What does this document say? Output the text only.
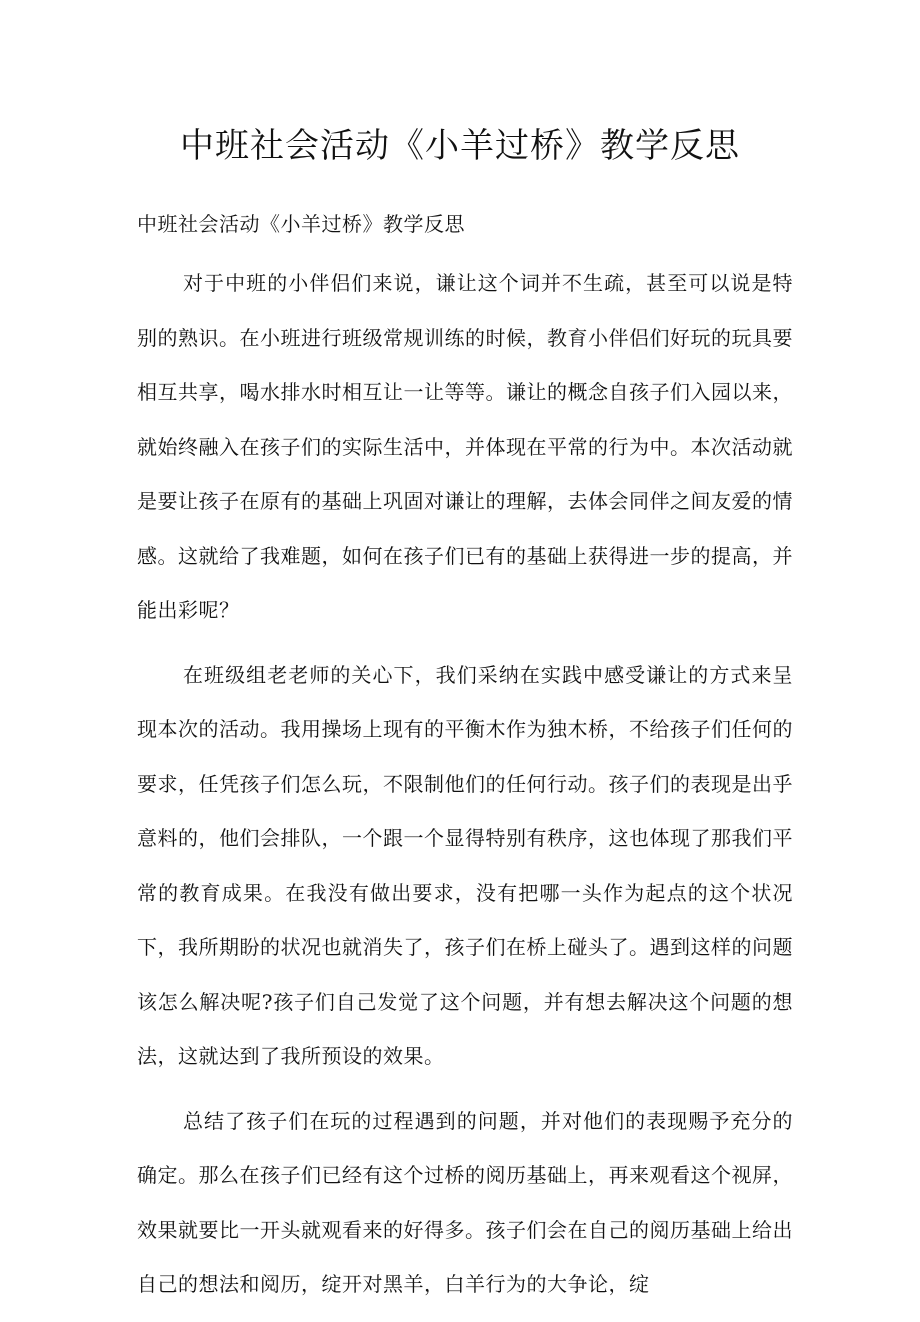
中班社会活动《小羊过桥》教学反思

中班社会活动《小羊过桥》教学反思

对于中班的小伴侣们来说，谦让这个词并不生疏，甚至可以说是特别的熟识。在小班进行班级常规训练的时候，教育小伴侣们好玩的玩具要相互共享，喝水排水时相互让一让等等。谦让的概念自孩子们入园以来，就始终融入在孩子们的实际生活中，并体现在平常的行为中。本次活动就是要让孩子在原有的基础上巩固对谦让的理解，去体会同伴之间友爱的情感。这就给了我难题，如何在孩子们已有的基础上获得进一步的提高，并能出彩呢？

在班级组老老师的关心下，我们采纳在实践中感受谦让的方式来呈现本次的活动。我用操场上现有的平衡木作为独木桥，不给孩子们任何的要求，任凭孩子们怎么玩，不限制他们的任何行动。孩子们的表现是出乎意料的，他们会排队，一个跟一个显得特别有秩序，这也体现了那我们平常的教育成果。在我没有做出要求，没有把哪一头作为起点的这个状况下，我所期盼的状况也就消失了，孩子们在桥上碰头了。遇到这样的问题该怎么解决呢?孩子们自己发觉了这个问题，并有想去解决这个问题的想法，这就达到了我所预设的效果。

总结了孩子们在玩的过程遇到的问题，并对他们的表现赐予充分的确定。那么在孩子们已经有这个过桥的阅历基础上，再来观看这个视屏，效果就要比一开头就观看来的好得多。孩子们会在自己的阅历基础上给出自己的想法和阅历，绽开对黑羊，白羊行为的大争论，绽
